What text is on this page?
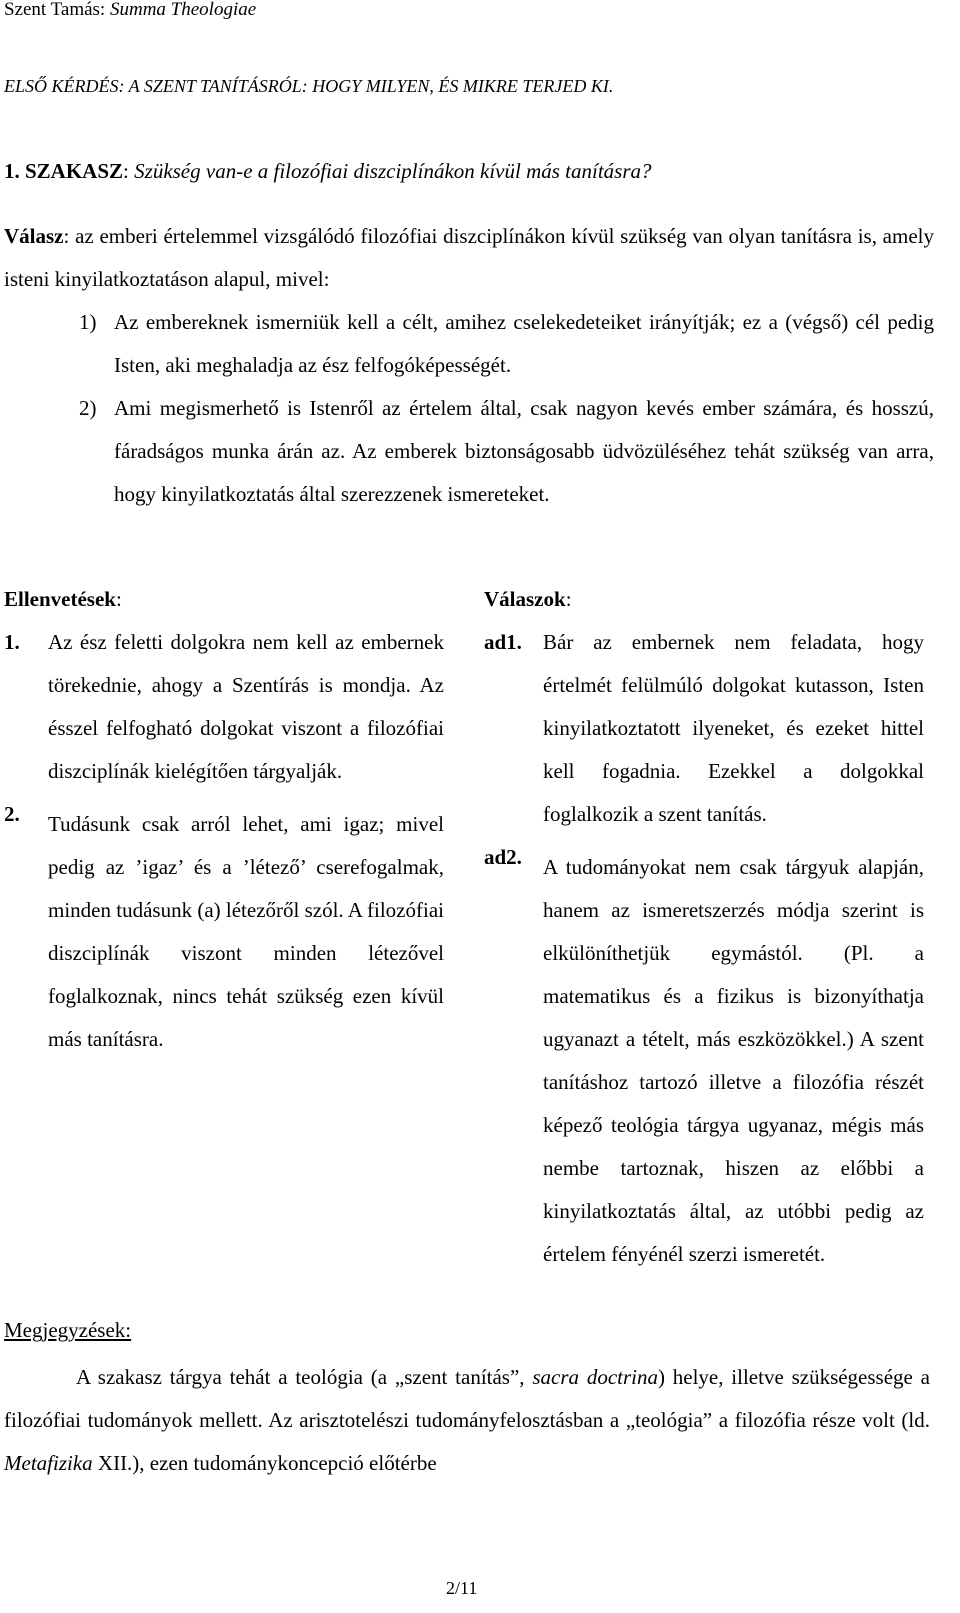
Szent Tamás: Summa Theologiae
ELSŐ KÉRDÉS: A SZENT TANÍTÁSRÓL: HOGY MILYEN, ÉS MIKRE TERJED KI.
1. SZAKASZ: Szükség van-e a filozófiai diszciplínákon kívül más tanításra?

Válasz: az emberi értelemmel vizsgálódó filozófiai diszciplínákon kívül szükség van olyan tanításra is, amely isteni kinyilatkoztatáson alapul, mivel:

1) Az embereknek ismerniük kell a célt, amihez cselekedeteiket irányítják; ez a (végső) cél pedig Isten, aki meghaladja az ész felfogóképességét.
2) Ami megismerhető is Istenről az értelem által, csak nagyon kevés ember számára, és hosszú, fáradságos munka árán az. Az emberek biztonságosabb üdvözüléséhez tehát szükség van arra, hogy kinyilatkoztatás által szerezzenek ismereteket.
Ellenvetések:
1. Az ész feletti dolgokra nem kell az embernek törekednie, ahogy a Szentírás is mondja. Az ésszel felfogható dolgokat viszont a filozófiai diszciplínák kielégítően tárgyalják.
2. Tudásunk csak arról lehet, ami igaz; mivel pedig az ’igaz’ és a ’létező’ cserefogalmak, minden tudásunk (a) létezőről szól. A filozófiai diszciplínák viszont minden létezővel foglalkoznak, nincs tehát szükség ezen kívül más tanításra.
Válaszok:
ad1. Bár az embernek nem feladata, hogy értelmét felülmúló dolgokat kutasson, Isten kinyilatkoztatott ilyeneket, és ezeket hittel kell fogadnia. Ezekkel a dolgokkal foglalkozik a szent tanítás.
ad2. A tudományokat nem csak tárgyuk alapján, hanem az ismeretszerzés módja szerint is elkülöníthetjük egymástól. (Pl. a matematikus és a fizikus is bizonyíthatja ugyanazt a tételt, más eszközökkel.) A szent tanításhoz tartozó illetve a filozófia részét képező teológia tárgya ugyanaz, mégis más nembe tartoznak, hiszen az előbbi a kinyilatkoztatás által, az utóbbi pedig az értelem fényénél szerzi ismeretét.
Megjegyzések:

A szakasz tárgya tehát a teológia (a „szent tanítás”, sacra doctrina) helye, illetve szükségessége a filozófiai tudományok mellett. Az arisztotelészi tudományfelosztásban a „teológia” a filozófia része volt (ld. Metafizika XII.), ezen tudománykoncepció előtérbe

2/11
